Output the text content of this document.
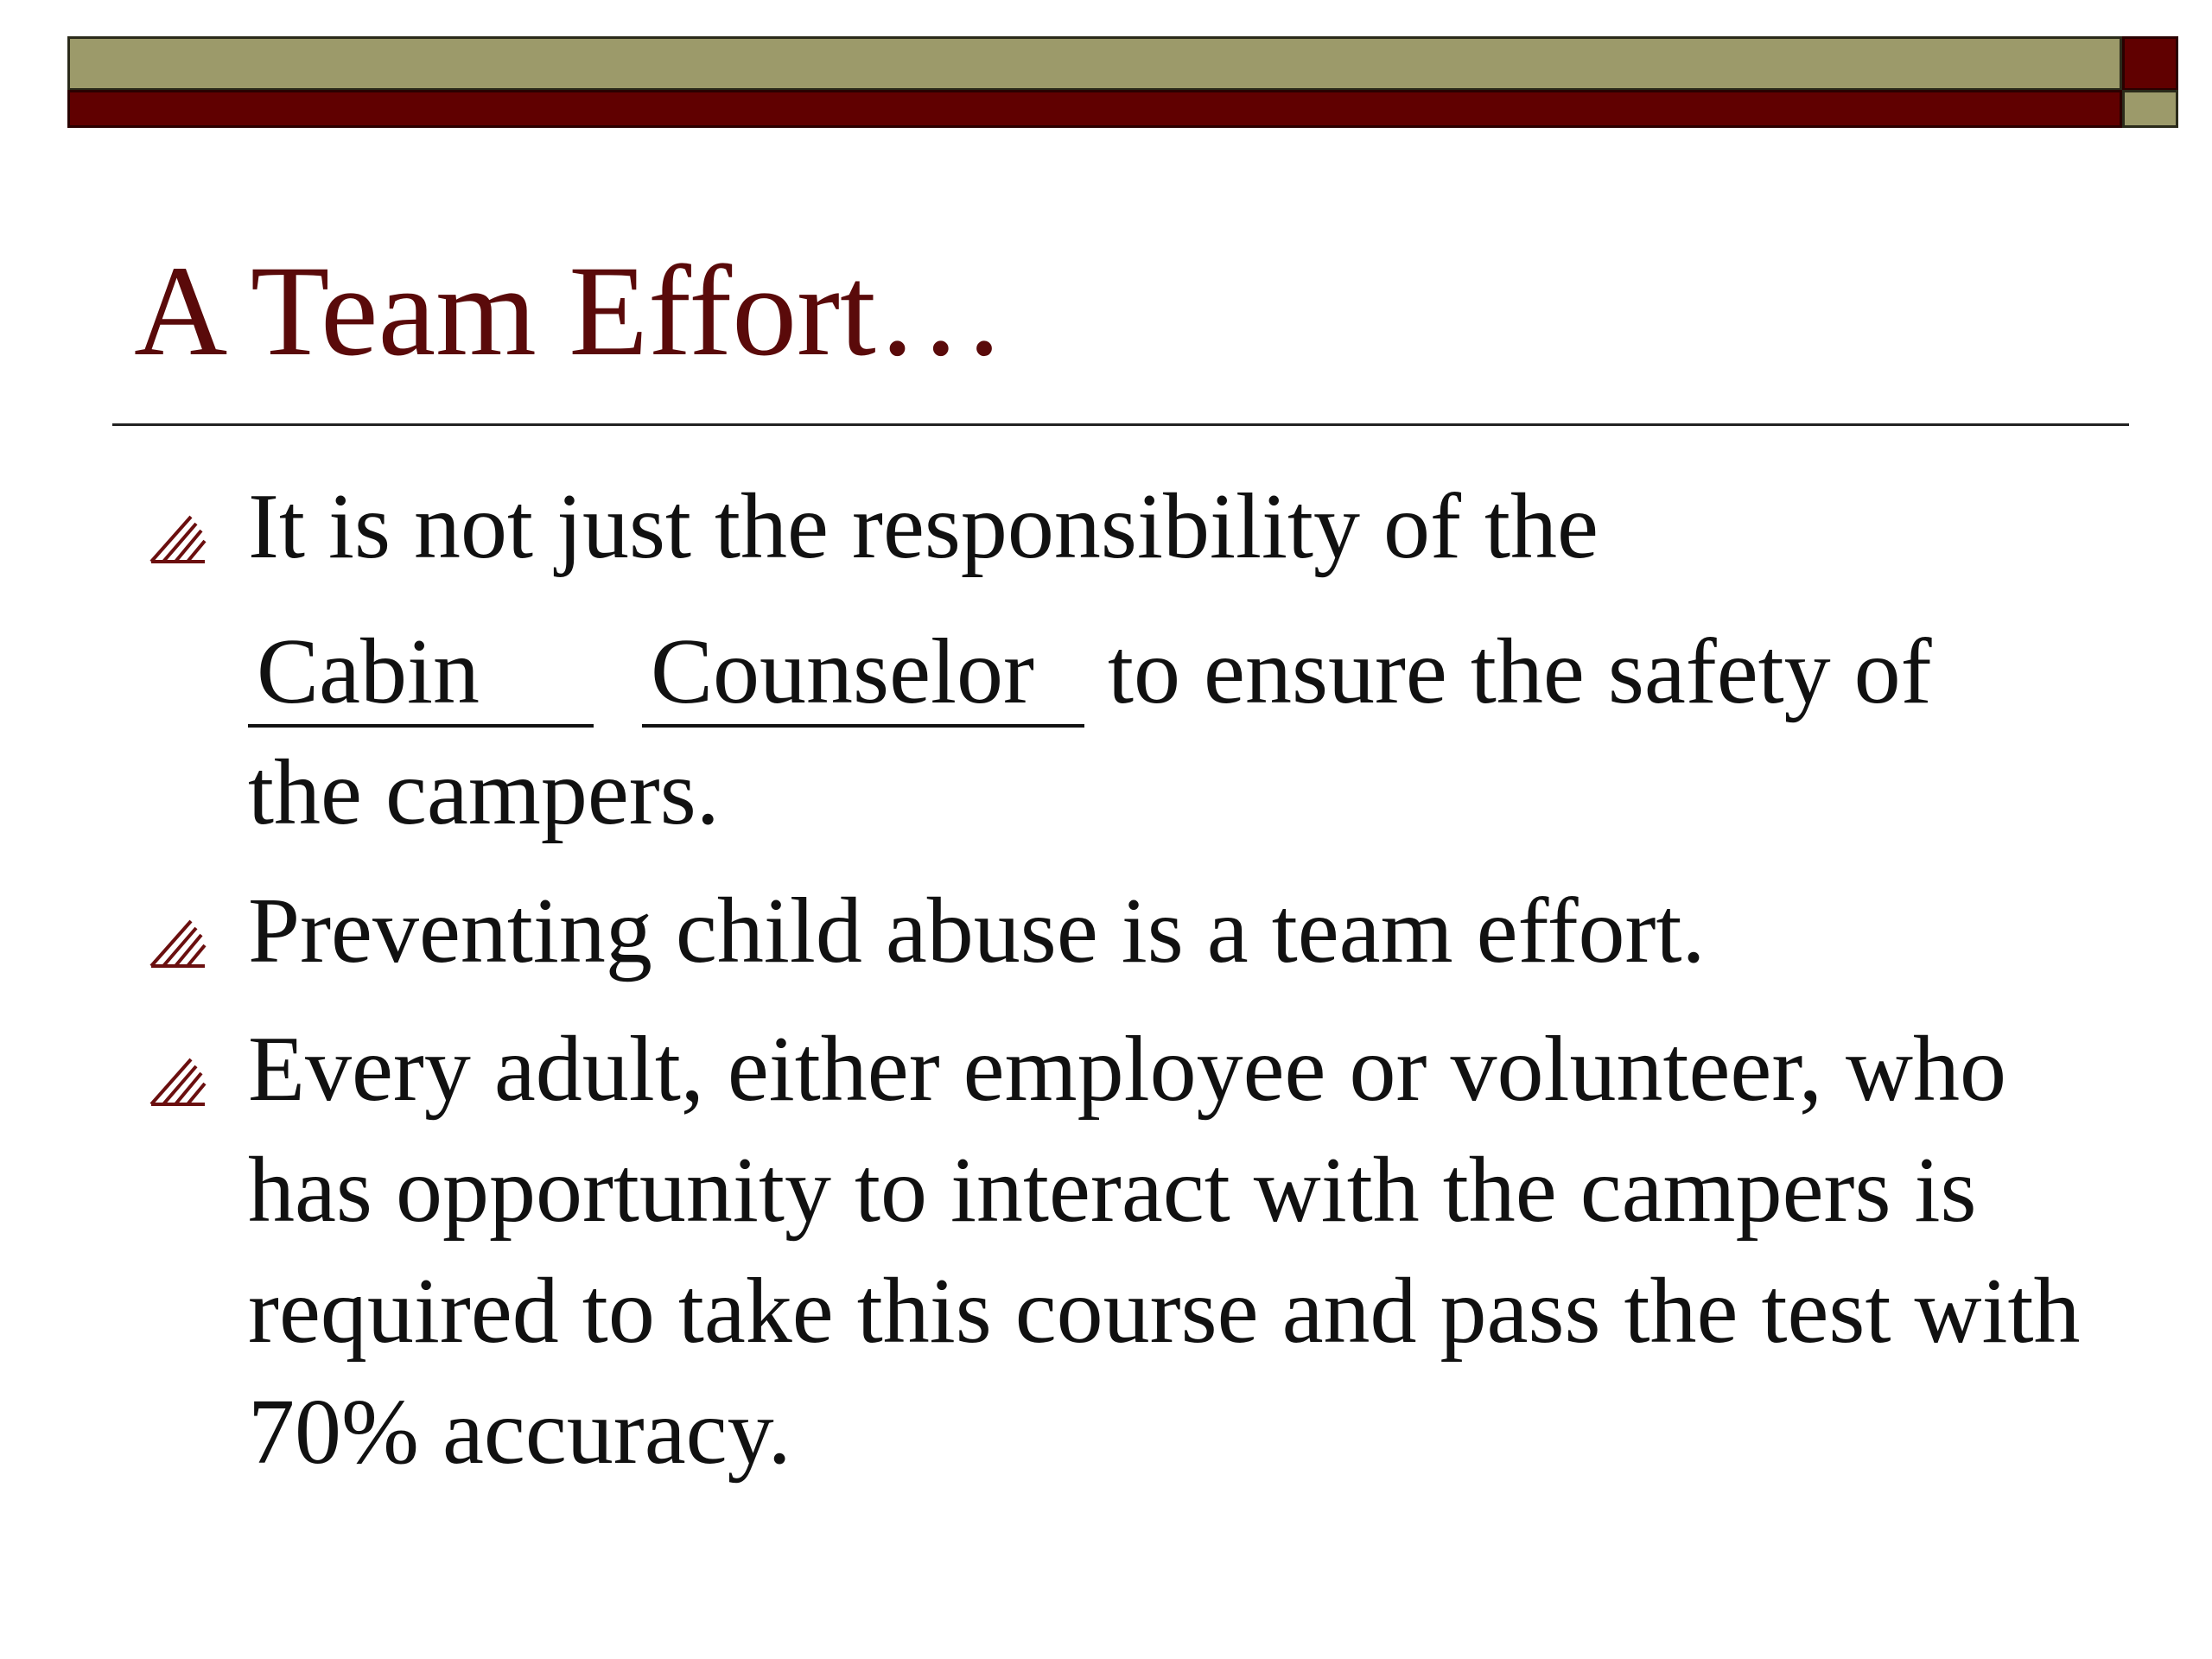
A Team Effort…
It is not just the responsibility of the
Cabin Counselor to ensure the safety of
the campers.
Preventing child abuse is a team effort.
Every adult, either employee or volunteer, who has opportunity to interact with the campers is required to take this course and pass the test with 70% accuracy.
